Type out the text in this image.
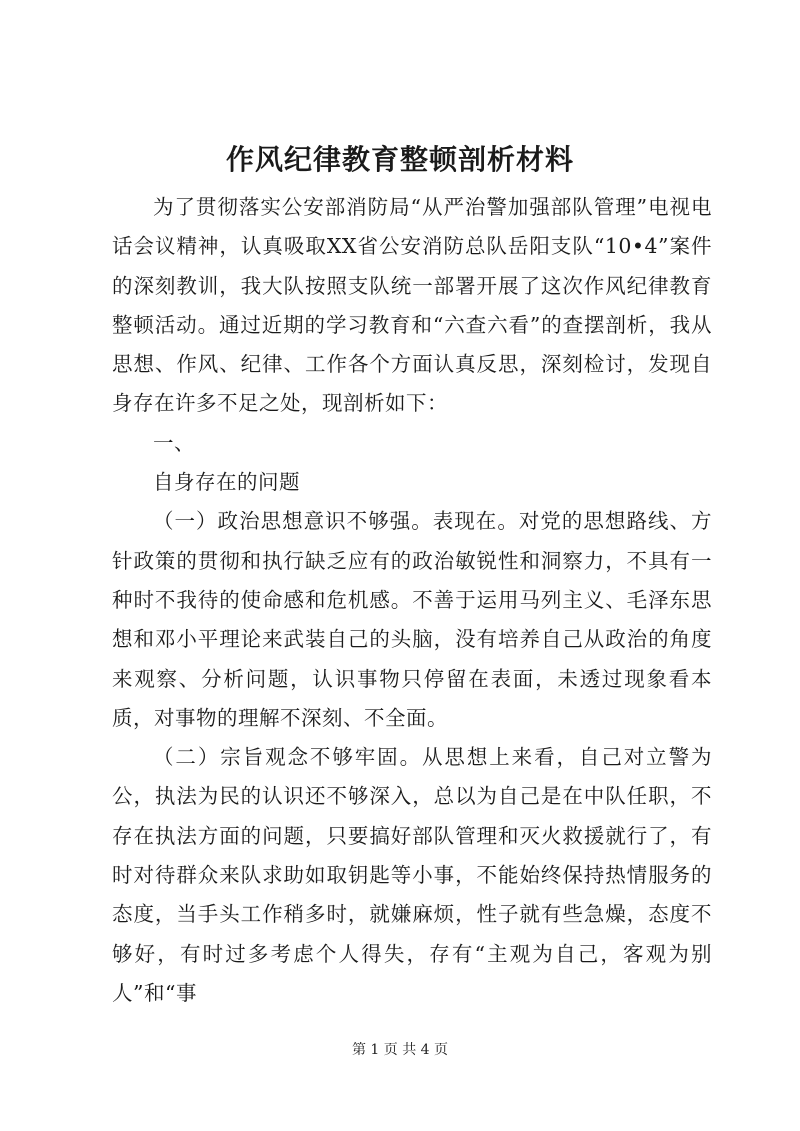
作风纪律教育整顿剖析材料

为了贯彻落实公安部消防局“从严治警加强部队管理”电视电话会议精神，认真吸取XX省公安消防总队岳阳支队“10•4”案件的深刻教训，我大队按照支队统一部署开展了这次作风纪律教育整顿活动。通过近期的学习教育和“六查六看”的查摆剖析，我从思想、作风、纪律、工作各个方面认真反思，深刻检讨，发现自身存在许多不足之处，现剖析如下：

一、

自身存在的问题

（一）政治思想意识不够强。表现在。对党的思想路线、方针政策的贯彻和执行缺乏应有的政治敏锐性和洞察力，不具有一种时不我待的使命感和危机感。不善于运用马列主义、毛泽东思想和邓小平理论来武装自己的头脑，没有培养自己从政治的角度来观察、分析问题，认识事物只停留在表面，未透过现象看本质，对事物的理解不深刻、不全面。

（二）宗旨观念不够牢固。从思想上来看，自己对立警为公，执法为民的认识还不够深入，总以为自己是在中队任职，不存在执法方面的问题，只要搞好部队管理和灭火救援就行了，有时对待群众来队求助如取钥匙等小事，不能始终保持热情服务的态度，当手头工作稍多时，就嫌麻烦，性子就有些急燥，态度不够好，有时过多考虑个人得失，存有“主观为自己，客观为别人”和“事

第 1 页 共 4 页
